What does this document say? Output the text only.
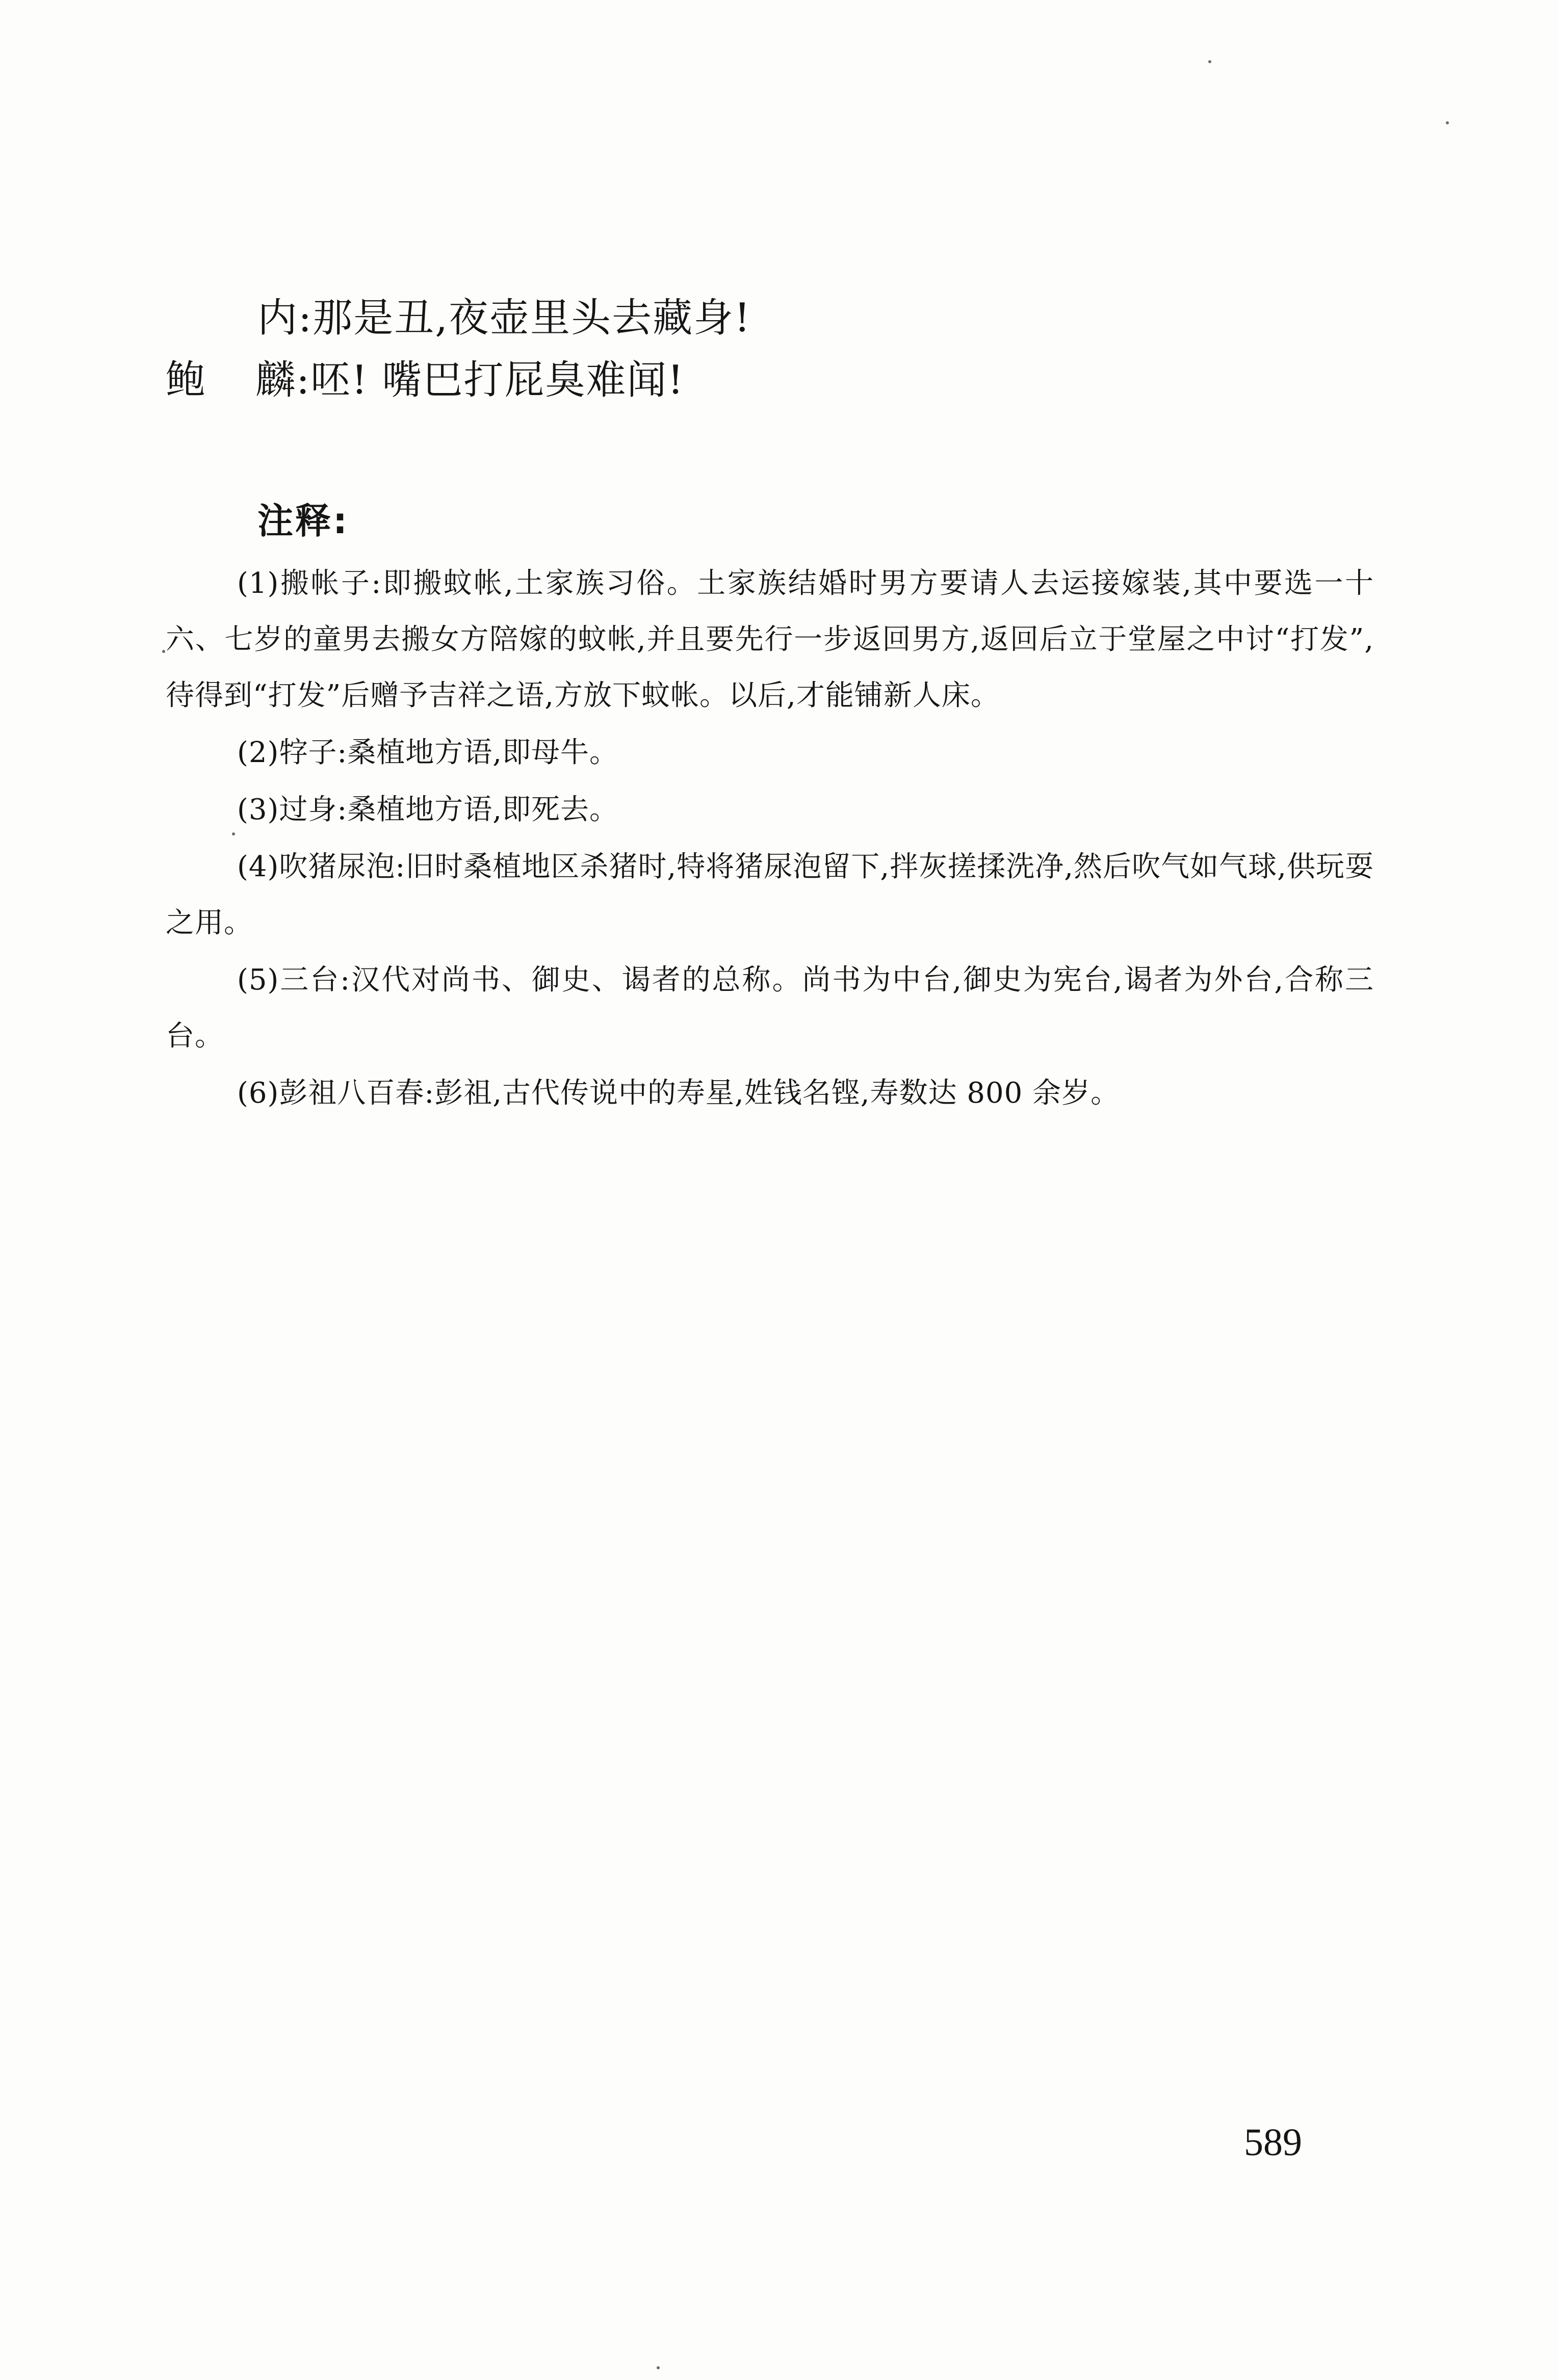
内:那是丑,夜壶里头去藏身!
鲍 麟:呸! 嘴巴打屁臭难闻!
注释:

(1)搬帐子:即搬蚊帐,土家族习俗。土家族结婚时男方要请人去运接嫁装,其中要选一十六、七岁的童男去搬女方陪嫁的蚊帐,并且要先行一步返回男方,返回后立于堂屋之中讨“打发”,待得到“打发”后赠予吉祥之语,方放下蚊帐。以后,才能铺新人床。

(2)牸子:桑植地方语,即母牛。

(3)过身:桑植地方语,即死去。

(4)吹猪尿泡:旧时桑植地区杀猪时,特将猪尿泡留下,拌灰搓揉洗净,然后吹气如气球,供玩耍之用。

(5)三台:汉代对尚书、御史、谒者的总称。尚书为中台,御史为宪台,谒者为外台,合称三台。

(6)彭祖八百春:彭祖,古代传说中的寿星,姓钱名铿,寿数达 800 余岁。

589
